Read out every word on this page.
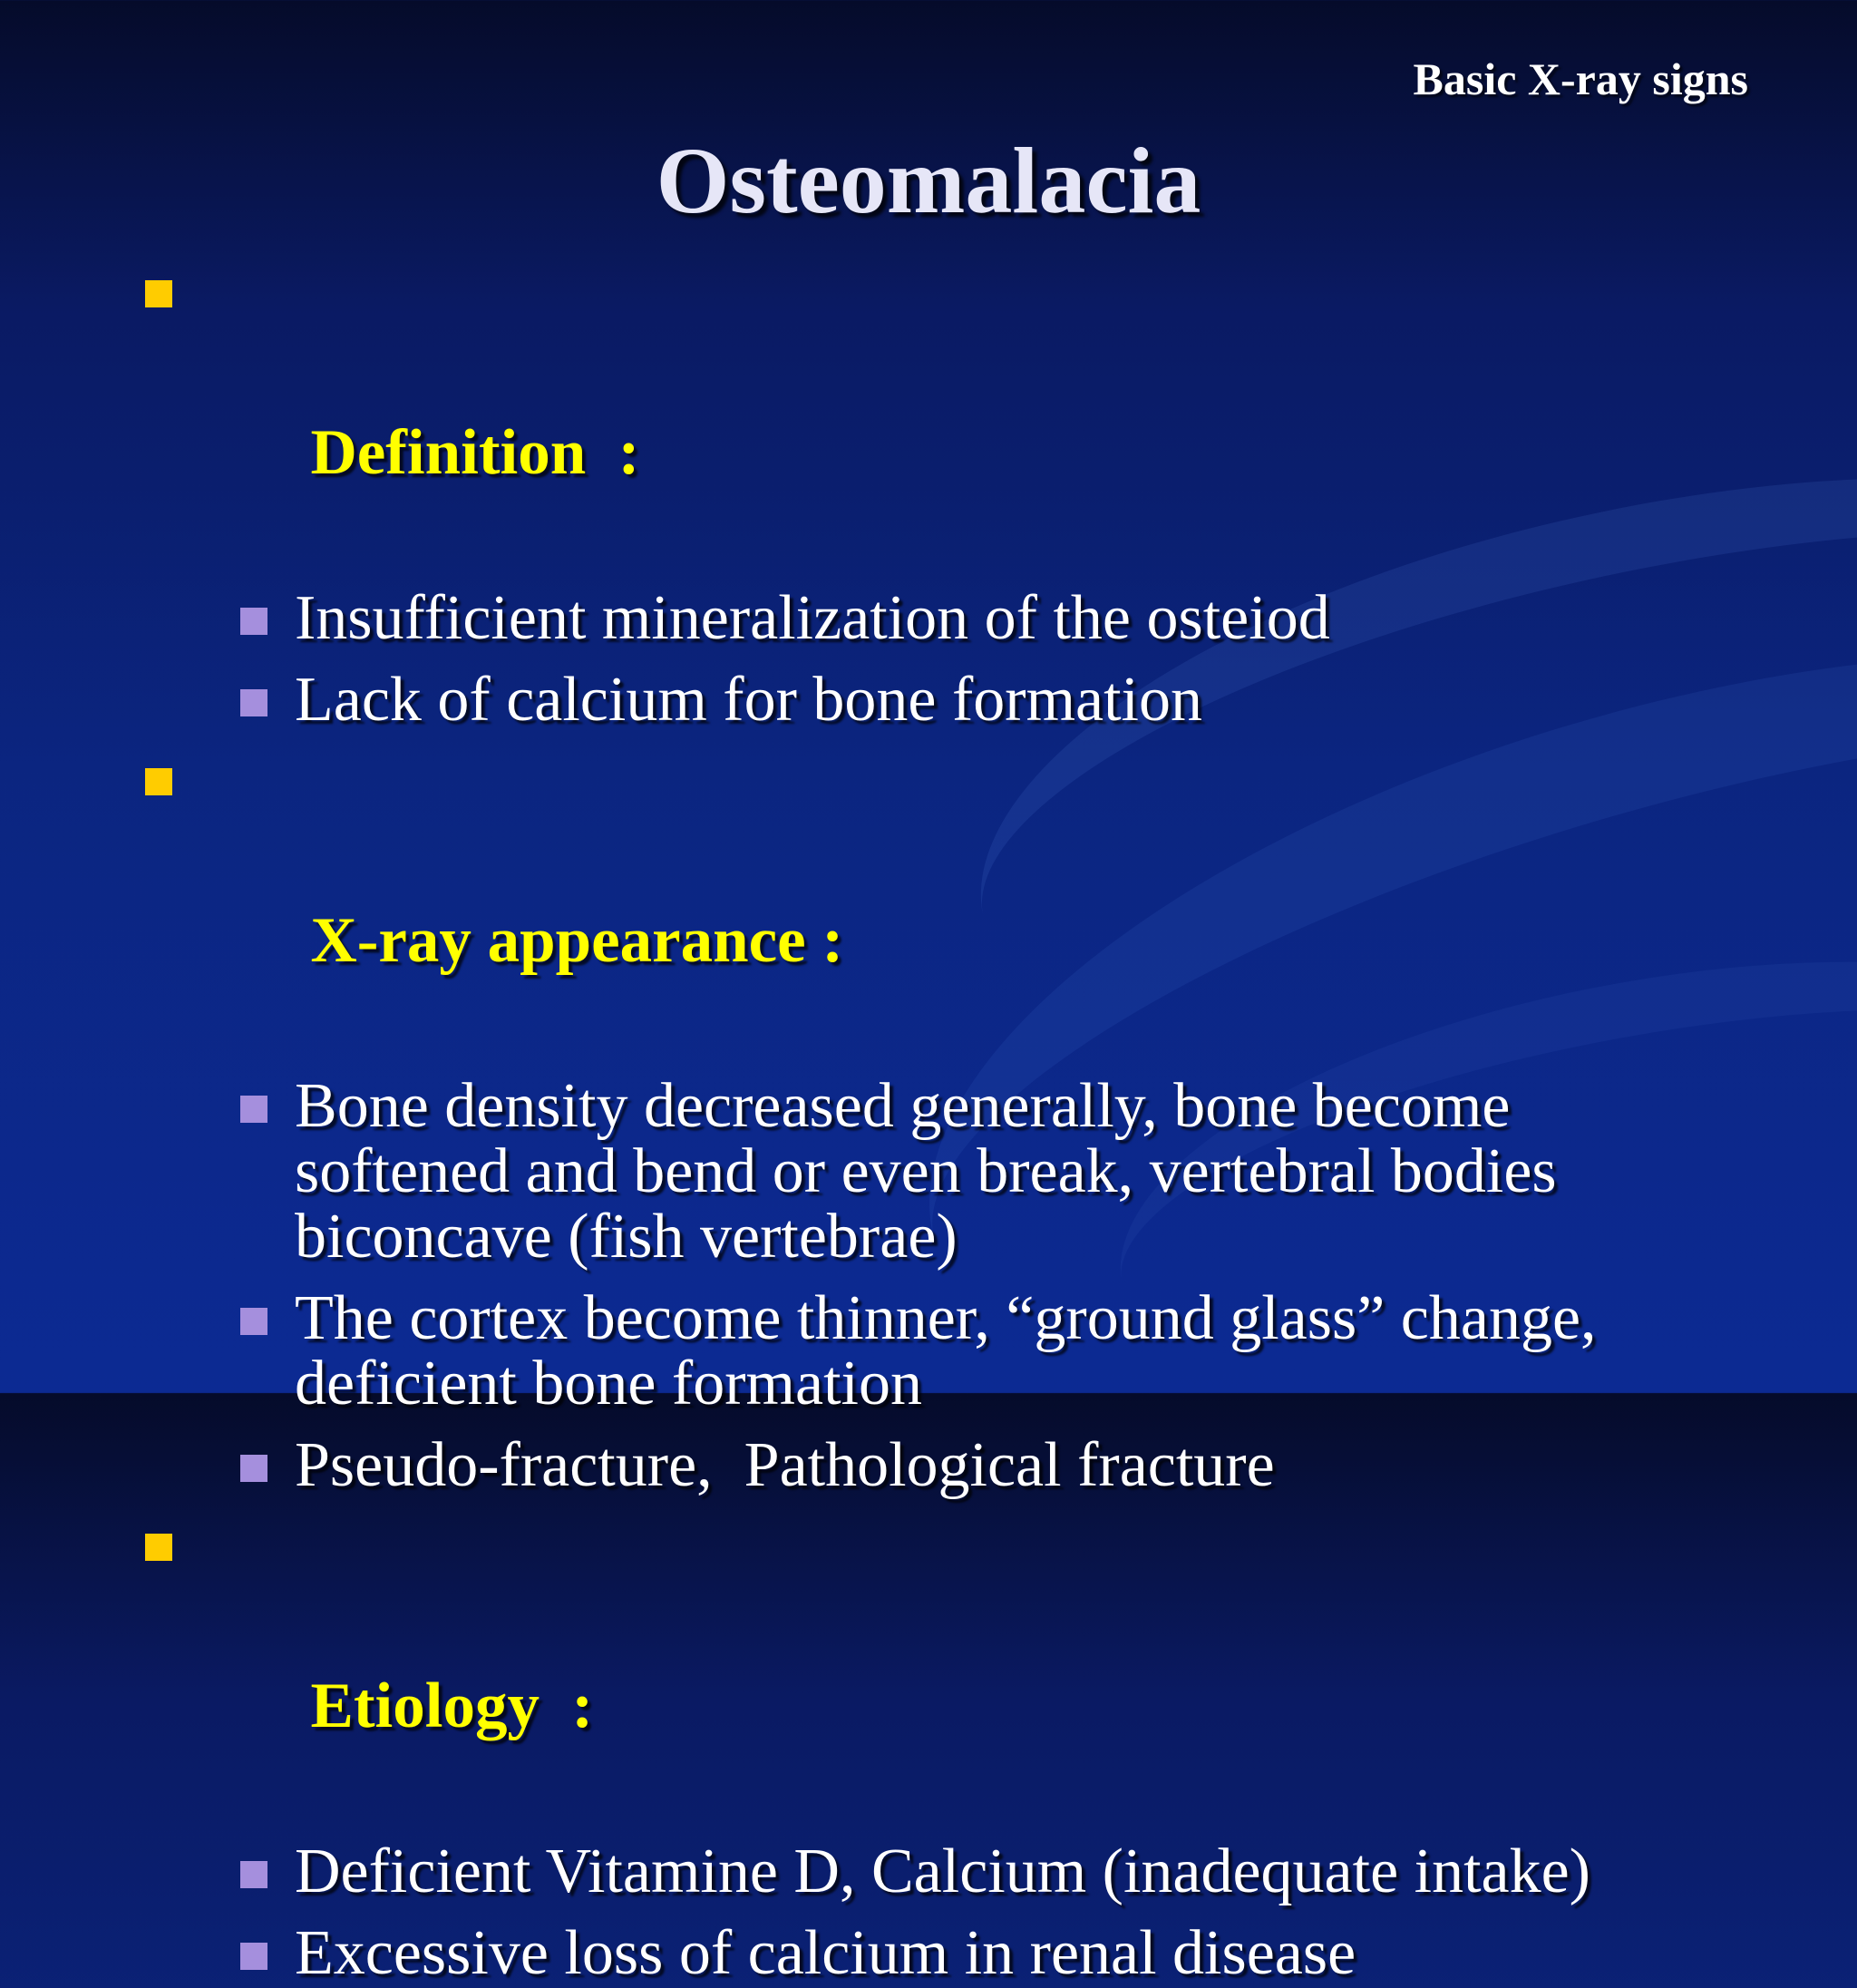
Basic X-ray signs
Osteomalacia

Definition  :

Insufficient mineralization of the osteiod
Lack of calcium for bone formation

X-ray appearance :

Bone density decreased generally, bone become softened and bend or even break, vertebral bodies biconcave (fish vertebrae)
The cortex become thinner, “ground glass” change, deficient bone formation
Pseudo-fracture,  Pathological fracture

Etiology  :

Deficient Vitamine D, Calcium (inadequate intake)
Excessive loss of calcium in renal disease
